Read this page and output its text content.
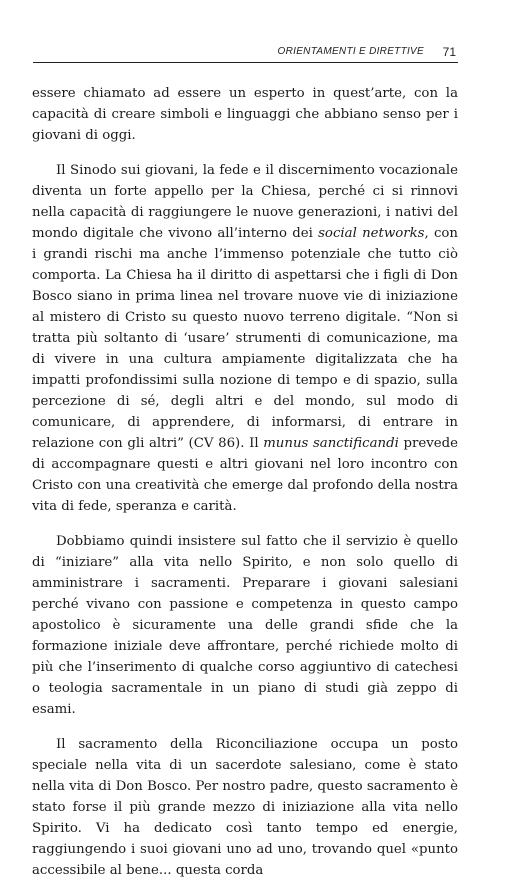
ORIENTAMENTI E DIRETTIVE 71

essere chiamato ad essere un esperto in quest’arte, con la capacità di creare simboli e linguaggi che abbiano senso per i giovani di oggi.

Il Sinodo sui giovani, la fede e il discernimento vocazionale diventa un forte appello per la Chiesa, perché ci si rinnovi nella capacità di raggiungere le nuove generazioni, i nativi del mondo digitale che vivono all’interno dei social networks, con i grandi rischi ma anche l’immenso potenziale che tutto ciò comporta. La Chiesa ha il diritto di aspettarsi che i figli di Don Bosco siano in prima linea nel trovare nuove vie di iniziazione al mistero di Cristo su questo nuovo terreno digitale. “Non si tratta più soltanto di ‘usare’ strumenti di comunicazione, ma di vivere in una cultura ampiamente digitalizzata che ha impatti profondissimi sulla nozione di tempo e di spazio, sulla percezione di sé, degli altri e del mondo, sul modo di comunicare, di apprendere, di informarsi, di entrare in relazione con gli altri” (CV 86). Il munus sanctificandi prevede di accompagnare questi e altri giovani nel loro incontro con Cristo con una creatività che emerge dal profondo della nostra vita di fede, speranza e carità.

Dobbiamo quindi insistere sul fatto che il servizio è quello di “iniziare” alla vita nello Spirito, e non solo quello di amministrare i sacramenti. Preparare i giovani salesiani perché vivano con passione e competenza in questo campo apostolico è sicuramente una delle grandi sfide che la formazione iniziale deve affrontare, perché richiede molto di più che l’inserimento di qualche corso aggiuntivo di catechesi o teologia sacramentale in un piano di studi già zeppo di esami.

Il sacramento della Riconciliazione occupa un posto speciale nella vita di un sacerdote salesiano, come è stato nella vita di Don Bosco. Per nostro padre, questo sacramento è stato forse il più grande mezzo di iniziazione alla vita nello Spirito. Vi ha dedicato così tanto tempo ed energie, raggiungendo i suoi giovani uno ad uno, trovando quel «punto accessibile al bene... questa corda
